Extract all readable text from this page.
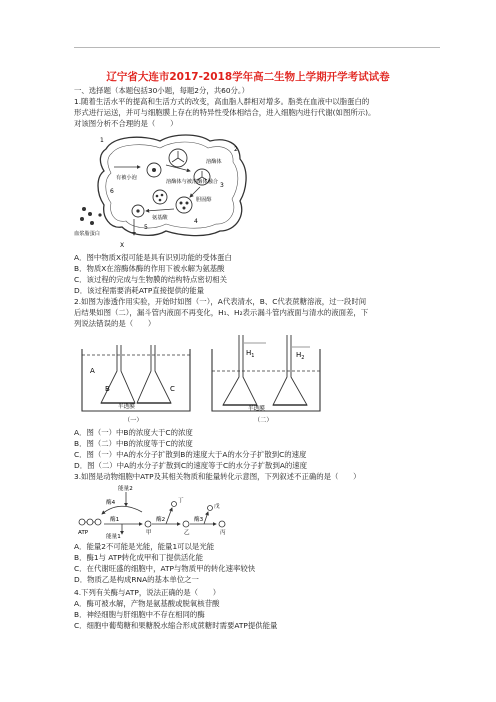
辽宁省大连市2017-2018学年高二生物上学期开学考试试卷
一、选择题（本题包括30小题，每题2分，共60分。）
1.随着生活水平的提高和生活方式的改变，高血脂人群相对增多。脂类在血液中以脂蛋白的
形式进行运送，并可与细胞膜上存在的特异性受体相结合，进入细胞内进行代谢(如图所示)。
对该图分析不合理的是（　　）
1
2
3
4
5
6
有被小泡
溶酶体
溶酶体与被溶酶体融合
胆固醇
氨基酸
血浆脂蛋白
X
A．图中物质X很可能是具有识别功能的受体蛋白
B．物质X在溶酶体酶的作用下被水解为氨基酸
C．该过程的完成与生物膜的结构特点密切相关
D．该过程需要消耗ATP直接提供的能量
2.如图为渗透作用实验，开始时如图（一），A代表清水，B、C代表蔗糖溶液，过一段时间
后结果如图（二），漏斗管内液面不再变化，H₁、H₂表示漏斗管内液面与清水的液面差，下
列说法错误的是（　　）
A
B	C
半透膜
（一）
$H_1$	$H_2$
半透膜
（二）
A．图（一）中B的浓度大于C的浓度
B．图（二）中B的浓度等于C的浓度
C．图（一）中A的水分子扩散到B的速度大于A的水分子扩散到C的速度
D．图（二）中A的水分子扩散到C的速度等于C的水分子扩散到A的速度
3.如图是动物细胞中ATP及其相关物质和能量转化示意图，下列叙述不正确的是（　　）
能量2
能量1
酶4
酶1	酶2	酶3
ATP	甲	乙	丙
丁
戊
A．能量2不可能是光能，能量1可以是光能
B．酶1与 ATP转化成甲和丁提供活化能
C．在代谢旺盛的细胞中，ATP与物质甲的转化速率较快
D．物质乙是构成RNA的基本单位之一
4.下列有关酶与ATP，说法正确的是（　　）
A．酶可被水解，产物是氨基酸或脱氧核苷酸
B．神经细胞与肝细胞中不存在相同的酶
C．细胞中葡萄糖和果糖脱水缩合形成蔗糖时需要ATP提供能量
